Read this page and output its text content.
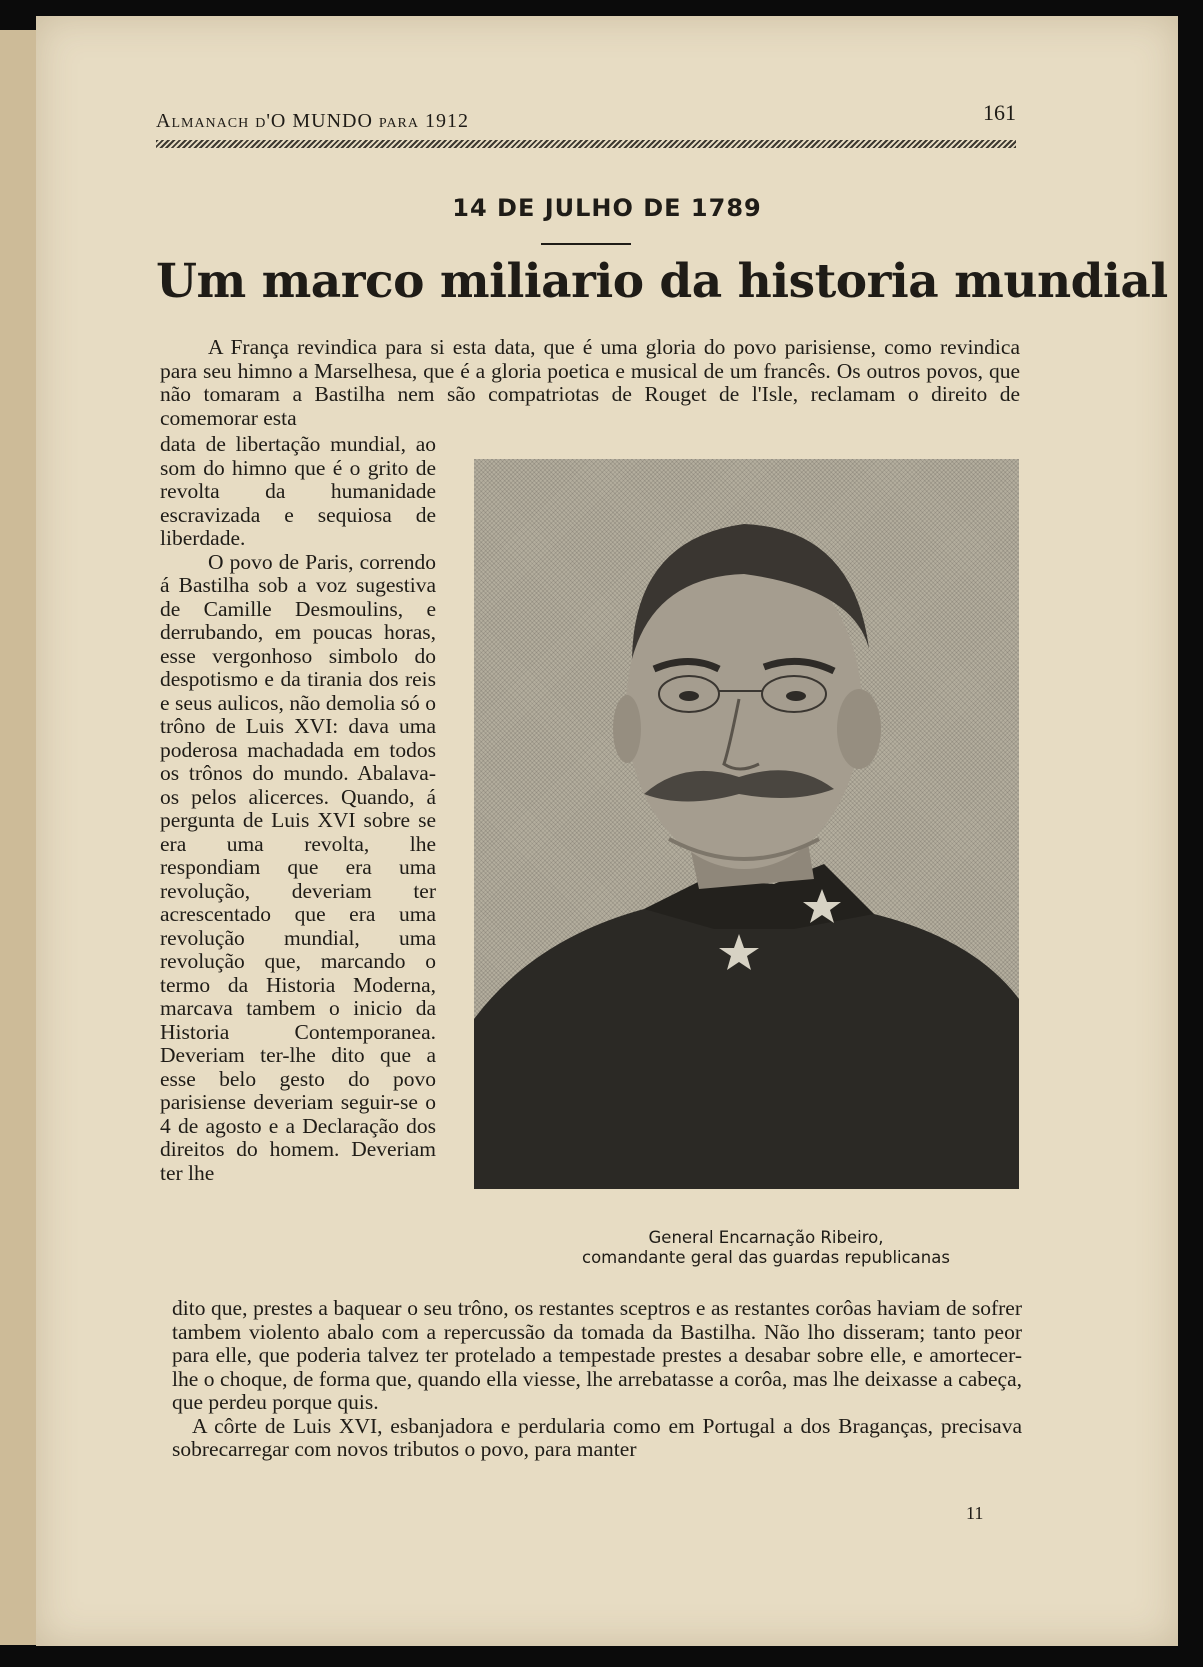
Almanach d'O MUNDO para 1912	161
14 DE JULHO DE 1789
Um marco miliario da historia mundial
A França revindica para si esta data, que é uma gloria do povo parisiense, como revindica para seu himno a Marselhesa, que é a gloria poetica e musical de um francês. Os outros povos, que não tomaram a Bastilha nem são compatriotas de Rouget de l'Isle, reclamam o direito de comemorar esta

data de libertação mundial, ao som do himno que é o grito de revolta da humanidade escravizada e sequiosa de liberdade.

O povo de Paris, correndo á Bastilha sob a voz sugestiva de Camille Desmoulins, e derrubando, em poucas horas, esse vergonhoso simbolo do despotismo e da tirania dos reis e seus aulicos, não demolia só o trôno de Luis XVI: dava uma poderosa machadada em todos os trônos do mundo. Abalava-os pelos alicerces. Quando, á pergunta de Luis XVI sobre se era uma revolta, lhe respondiam que era uma revolução, deveriam ter acrescentado que era uma revolução mundial, uma revolução que, marcando o termo da Historia Moderna, marcava tambem o inicio da Historia Contemporanea. Deveriam ter-lhe dito que a esse belo gesto do povo parisiense deveriam seguir-se o 4 de agosto e a Declaração dos direitos do homem. Deveriam ter lhe

General Encarnação Ribeiro,
comandante geral das guardas republicanas

dito que, prestes a baquear o seu trôno, os restantes sceptros e as restantes corôas haviam de sofrer tambem violento abalo com a repercussão da tomada da Bastilha. Não lho disseram; tanto peor para elle, que poderia talvez ter protelado a tempestade prestes a desabar sobre elle, e amortecer-lhe o choque, de forma que, quando ella viesse, lhe arrebatasse a corôa, mas lhe deixasse a cabeça, que perdeu porque quis.

A côrte de Luis XVI, esbanjadora e perdularia como em Portugal a dos Braganças, precisava sobrecarregar com novos tributos o povo, para manter

11
